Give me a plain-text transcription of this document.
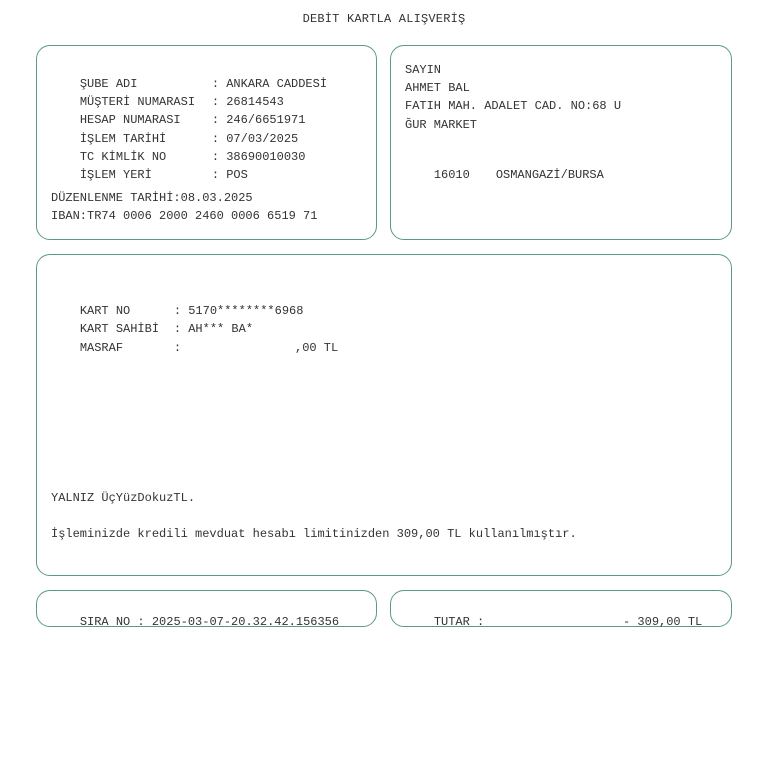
DEBİT KARTLA ALIŞVERİŞ

ŞUBE ADI	: ANKARA CADDESİ

MÜŞTERİ NUMARASI : 26814543

HESAP NUMARASI	: 246/6651971

İŞLEM TARİHİ	: 07/03/2025

TC KİMLİK NO	: 38690010030

İŞLEM YERİ	: POS

DÜZENLENME TARİHİ:08.03.2025
IBAN:TR74 0006 2000 2460 0006 6519 71
SAYIN
AHMET BAL
FATIH MAH. ADALET CAD. NO:68 U
ĞUR MARKET

16010 OSMANGAZİ/BURSA

KART NO	: 5170********6968

KART SAHİBİ : AH*** BA*

MASRAF	:	,00 TL

YALNIZ ÜçYüzDokuzTL.
İşleminizde kredili mevduat hesabı limitinizden 309,00 TL kullanılmıştır.

SIRA NO : 2025-03-07-20.32.42.156356
	TUTAR :	- 309,00 TL
